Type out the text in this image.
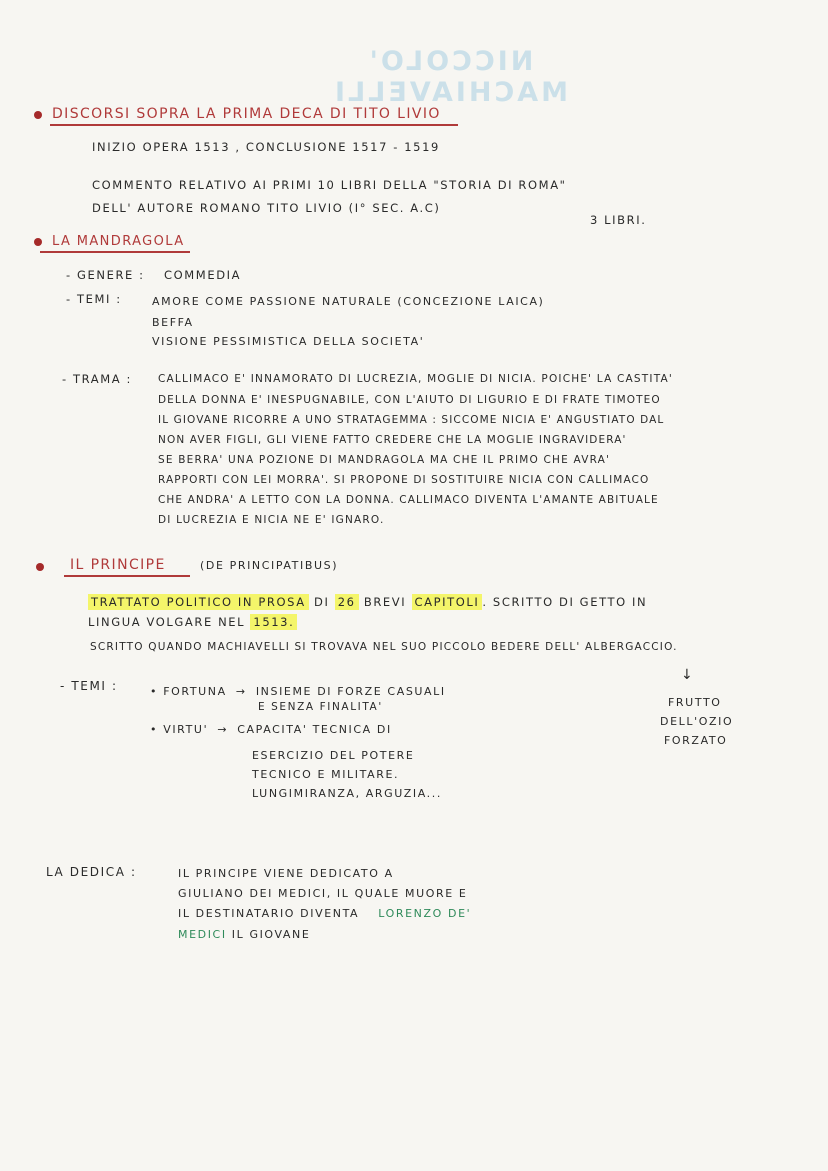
NICCOLO' MACHIAVELLI
DISCORSI SOPRA LA PRIMA DECA DI TITO LIVIO
INIZIO OPERA 1513 , CONCLUSIONE 1517 - 1519
COMMENTO RELATIVO AI PRIMI 10 LIBRI DELLA "STORIA DI ROMA"
DELL' AUTORE ROMANO TITO LIVIO (I° SEC. A.C)
3 LIBRI.
LA MANDRAGOLA
- GENERE : COMMEDIA
- TEMI :	AMORE COME PASSIONE NATURALE (CONCEZIONE LAICA)
BEFFA
VISIONE PESSIMISTICA DELLA SOCIETA'
- TRAMA : CALLIMACO E' INNAMORATO DI LUCREZIA, MOGLIE DI NICIA. POICHE' LA CASTITA'
DELLA DONNA E' INESPUGNABILE, CON L'AIUTO DI LIGURIO E DI FRATE TIMOTEO
IL GIOVANE RICORRE A UNO STRATAGEMMA : SICCOME NICIA E' ANGUSTIATO DAL
NON AVER FIGLI, GLI VIENE FATTO CREDERE CHE LA MOGLIE INGRAVIDERA'
SE BERRA' UNA POZIONE DI MANDRAGOLA MA CHE IL PRIMO CHE AVRA'
RAPPORTI CON LEI MORRA'. SI PROPONE DI SOSTITUIRE NICIA CON CALLIMACO
CHE ANDRA' A LETTO CON LA DONNA. CALLIMACO DIVENTA L'AMANTE ABITUALE
DI LUCREZIA E NICIA NE E' IGNARO.
IL PRINCIPE	(DE PRINCIPATIBUS)
TRATTATO POLITICO IN PROSA DI 26 BREVI CAPITOLI . SCRITTO DI GETTO IN
LINGUA VOLGARE NEL 1513.
SCRITTO QUANDO MACHIAVELLI SI TROVAVA NEL SUO PICCOLO BEDERE DELL' ALBERGACCIO.
- TEMI :	• FORTUNA → INSIEME DI FORZE CASUALI
E SENZA FINALITA'
• VIRTU' → CAPACITA' TECNICA DI
ESERCIZIO DEL POTERE
TECNICO E MILITARE.
LUNGIMIRANZA, ARGUZIA...
↓
FRUTTO
DELL'OZIO
FORZATO
LA DEDICA :	IL PRINCIPE VIENE DEDICATO A
GIULIANO DEI MEDICI, IL QUALE MUORE E
IL DESTINATARIO DIVENTA LORENZO DE'
MEDICI IL GIOVANE
